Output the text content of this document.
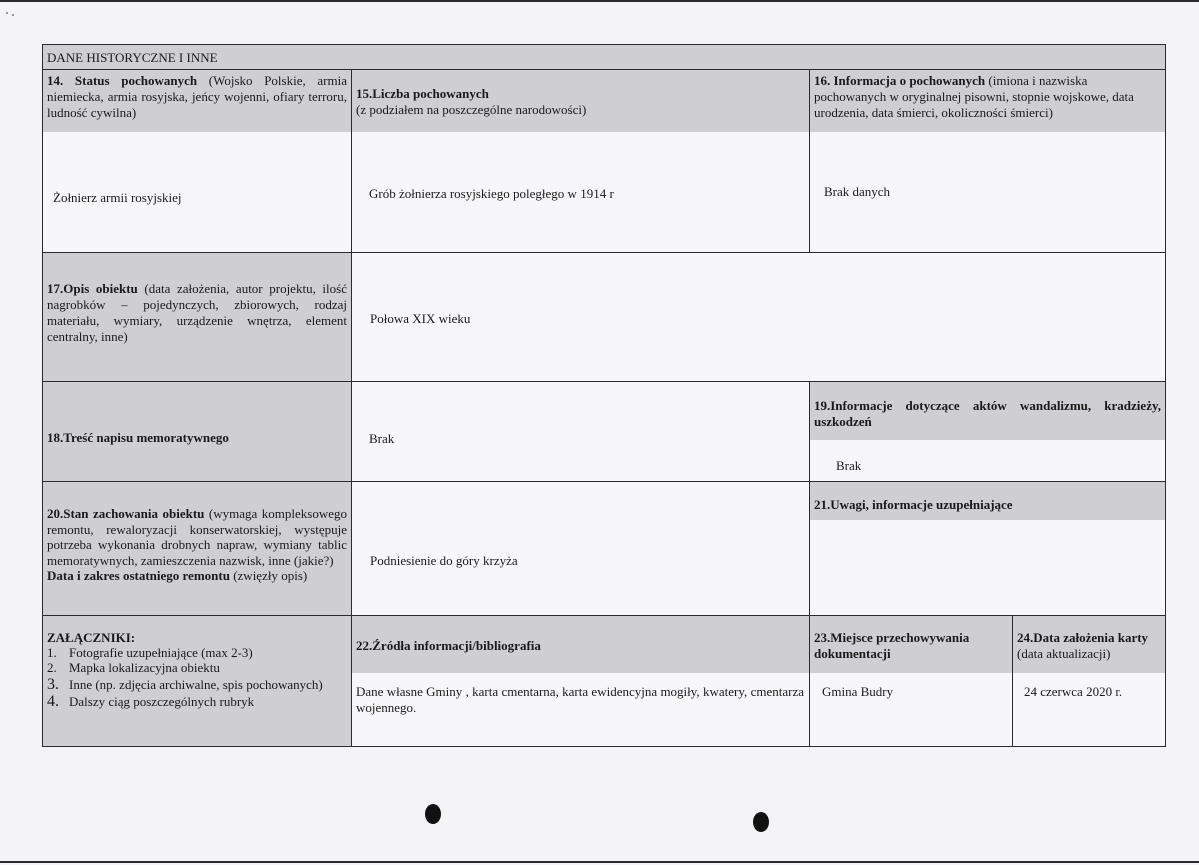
DANE HISTORYCZNE I INNE
14. Status pochowanych (Wojsko Polskie, armia niemiecka, armia rosyjska, jeńcy wojenni, ofiary terroru, ludność cywilna)
Żołnierz armii rosyjskiej
15.Liczba pochowanych
(z podziałem na poszczególne narodowości)
Grób żołnierza rosyjskiego poległego w 1914 r
16. Informacja o pochowanych (imiona i nazwiska pochowanych w oryginalnej pisowni, stopnie wojskowe, data urodzenia, data śmierci, okoliczności śmierci)
Brak danych
17.Opis obiektu (data założenia, autor projektu, ilość nagrobków – pojedynczych, zbiorowych, rodzaj materiału, wymiary, urządzenie wnętrza, element centralny, inne)
Połowa XIX wieku
18.Treść napisu memoratywnego	Brak
19.Informacje dotyczące aktów wandalizmu, kradzieży, uszkodzeń
Brak
20.Stan zachowania obiektu (wymaga kompleksowego remontu, rewaloryzacji konserwatorskiej, występuje potrzeba wykonania drobnych napraw, wymiany tablic memoratywnych, zamieszczenia nazwisk, inne (jakie?)
Data i zakres ostatniego remontu (zwięzły opis)
Podniesienie do góry krzyża
21.Uwagi, informacje uzupełniające
ZAŁĄCZNIKI:
1. Fotografie uzupełniające (max 2-3)
2. Mapka lokalizacyjna obiektu
3. Inne (np. zdjęcia archiwalne, spis pochowanych)
4. Dalszy ciąg poszczególnych rubryk
22.Źródła informacji/bibliografia
Dane własne Gminy , karta cmentarna, karta ewidencyjna mogiły, kwatery, cmentarza wojennego.
23.Miejsce przechowywania dokumentacji
Gmina Budry
24.Data założenia karty (data aktualizacji)
24 czerwca 2020 r.
